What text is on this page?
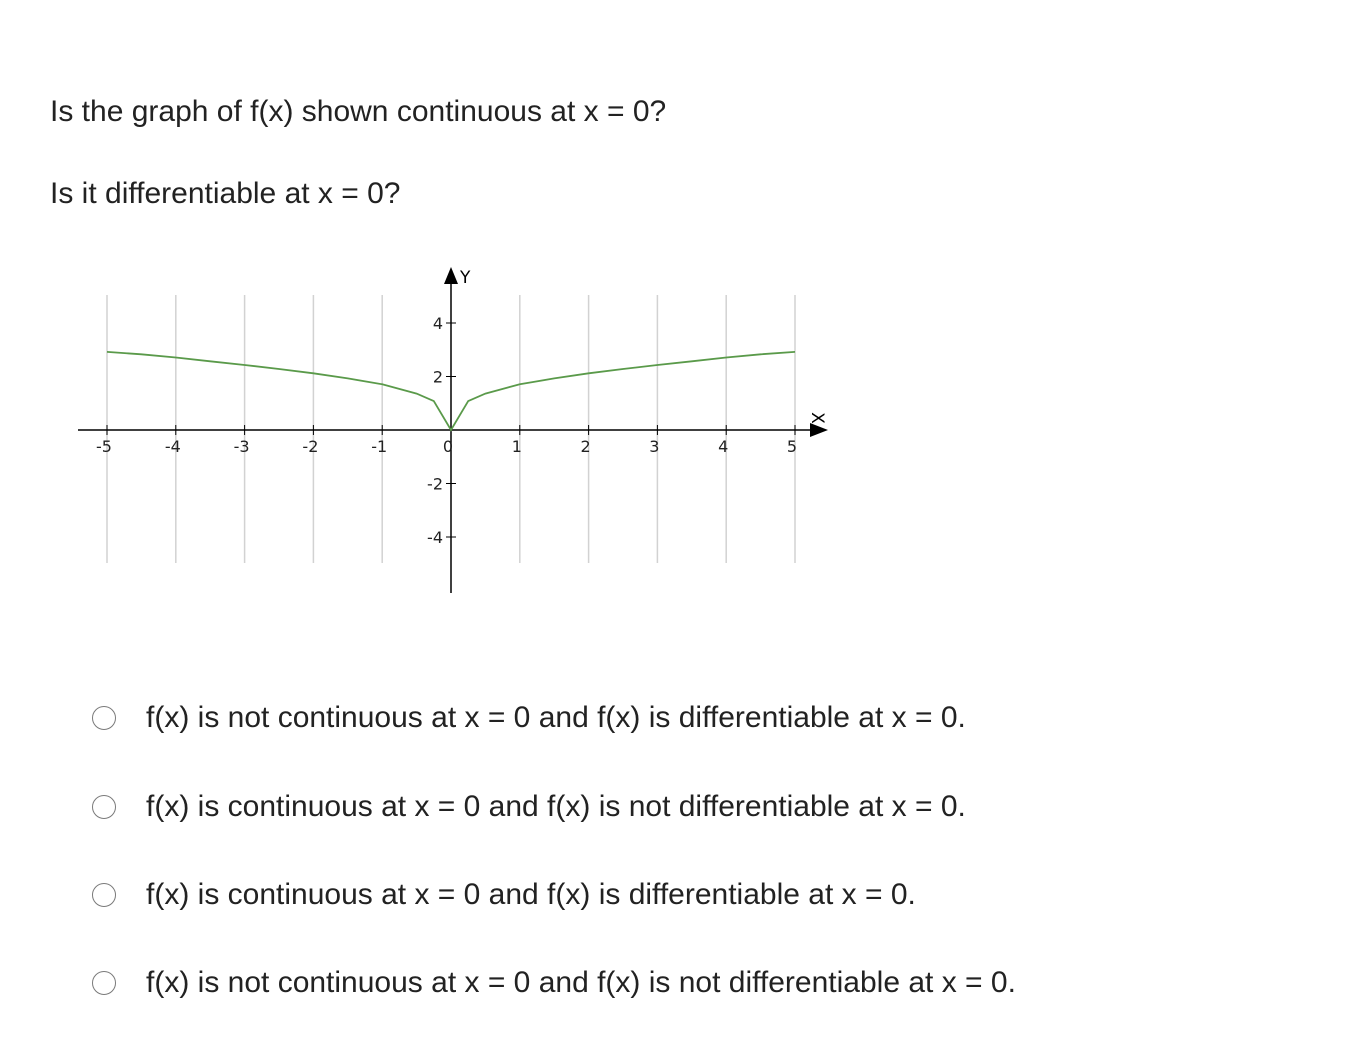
Is the graph of f(x) shown continuous at x = 0?
Is it differentiable at x = 0?
Y
X
-5	-4	-3	-2	-1	0	1	2	3	4	5
4
2
-2
-4
f(x) is not continuous at x = 0 and f(x) is differentiable at x = 0.
f(x) is continuous at x = 0 and f(x) is not differentiable at x = 0.
f(x) is continuous at x = 0 and f(x) is differentiable at x = 0.
f(x) is not continuous at x = 0 and f(x) is not differentiable at x = 0.
